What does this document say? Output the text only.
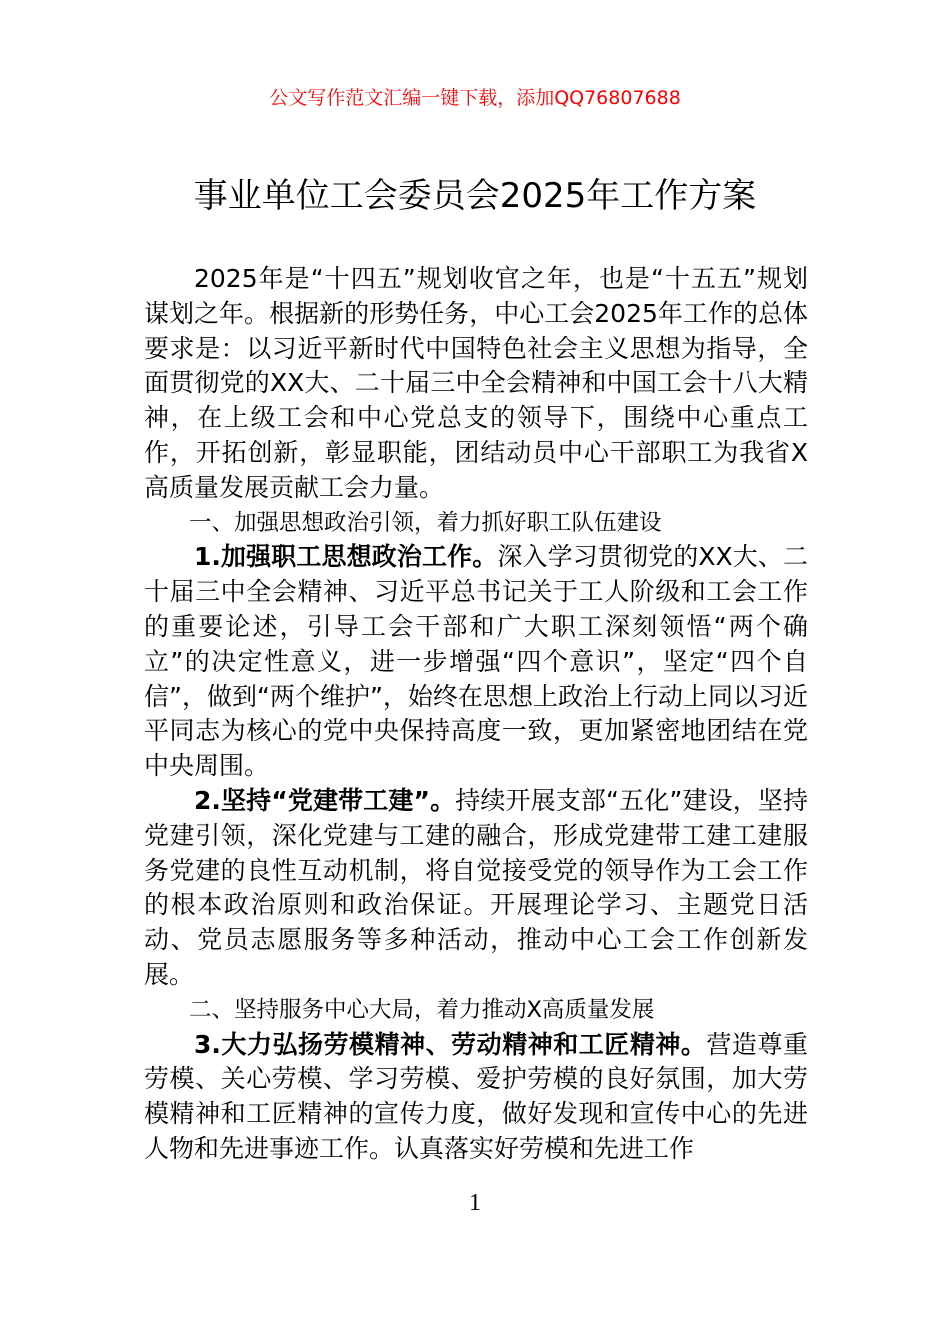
公文写作范文汇编一键下载，添加QQ76807688
事业单位工会委员会2025年工作方案

2025年是“十四五”规划收官之年，也是“十五五”规划谋划之年。根据新的形势任务，中心工会2025年工作的总体要求是：以习近平新时代中国特色社会主义思想为指导，全面贯彻党的XX大、二十届三中全会精神和中国工会十八大精神，在上级工会和中心党总支的领导下，围绕中心重点工作，开拓创新，彰显职能，团结动员中心干部职工为我省X高质量发展贡献工会力量。

一、加强思想政治引领，着力抓好职工队伍建设

1.加强职工思想政治工作。深入学习贯彻党的XX大、二十届三中全会精神、习近平总书记关于工人阶级和工会工作的重要论述，引导工会干部和广大职工深刻领悟“两个确立”的决定性意义，进一步增强“四个意识”，坚定“四个自信”，做到“两个维护”，始终在思想上政治上行动上同以习近平同志为核心的党中央保持高度一致，更加紧密地团结在党中央周围。

2.坚持“党建带工建”。持续开展支部“五化”建设，坚持党建引领，深化党建与工建的融合，形成党建带工建工建服务党建的良性互动机制，将自觉接受党的领导作为工会工作的根本政治原则和政治保证。开展理论学习、主题党日活动、党员志愿服务等多种活动，推动中心工会工作创新发展。

二、坚持服务中心大局，着力推动X高质量发展

3.大力弘扬劳模精神、劳动精神和工匠精神。营造尊重劳模、关心劳模、学习劳模、爱护劳模的良好氛围，加大劳模精神和工匠精神的宣传力度，做好发现和宣传中心的先进人物和先进事迹工作。认真落实好劳模和先进工作

1
